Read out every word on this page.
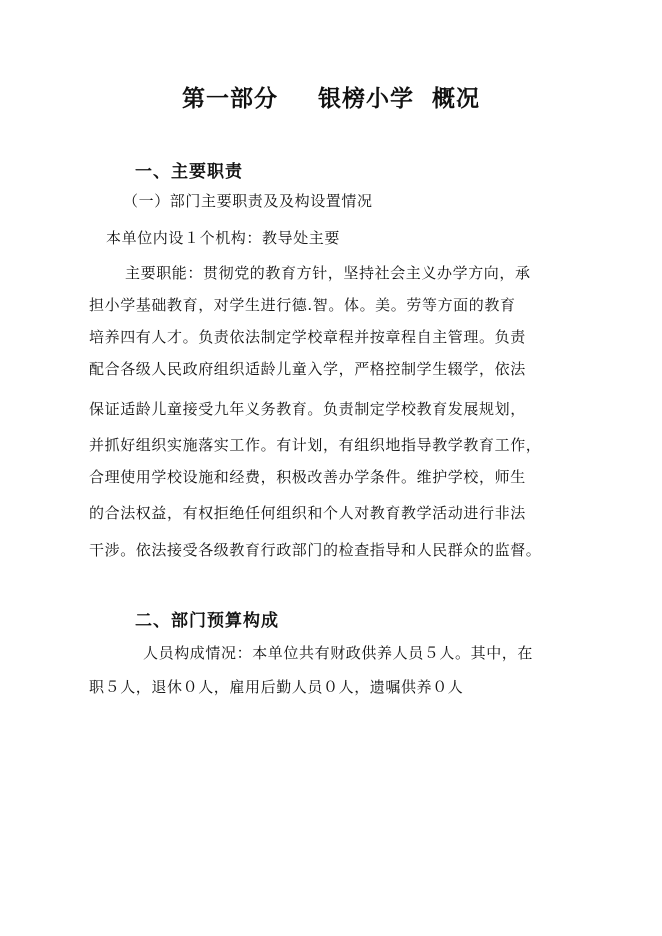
第一部分 银榜小学  概况
一、主要职责
（一）部门主要职责及及构设置情况
本单位内设１个机构：教导处主要
主要职能：贯彻党的教育方针，坚持社会主义办学方向，承
担小学基础教育，对学生进行德.智。体。美。劳等方面的教育
培养四有人才。负责依法制定学校章程并按章程自主管理。负责
配合各级人民政府组织适龄儿童入学，严格控制学生辍学，依法
保证适龄儿童接受九年义务教育。负责制定学校教育发展规划，
并抓好组织实施落实工作。有计划，有组织地指导教学教育工作，
合理使用学校设施和经费，积极改善办学条件。维护学校，师生
的合法权益，有权拒绝任何组织和个人对教育教学活动进行非法
干涉。依法接受各级教育行政部门的检查指导和人民群众的监督。
二、部门预算构成
人员构成情况：本单位共有财政供养人员５人。其中，在
职５人，退休０人，雇用后勤人员０人，遗嘱供养０人
